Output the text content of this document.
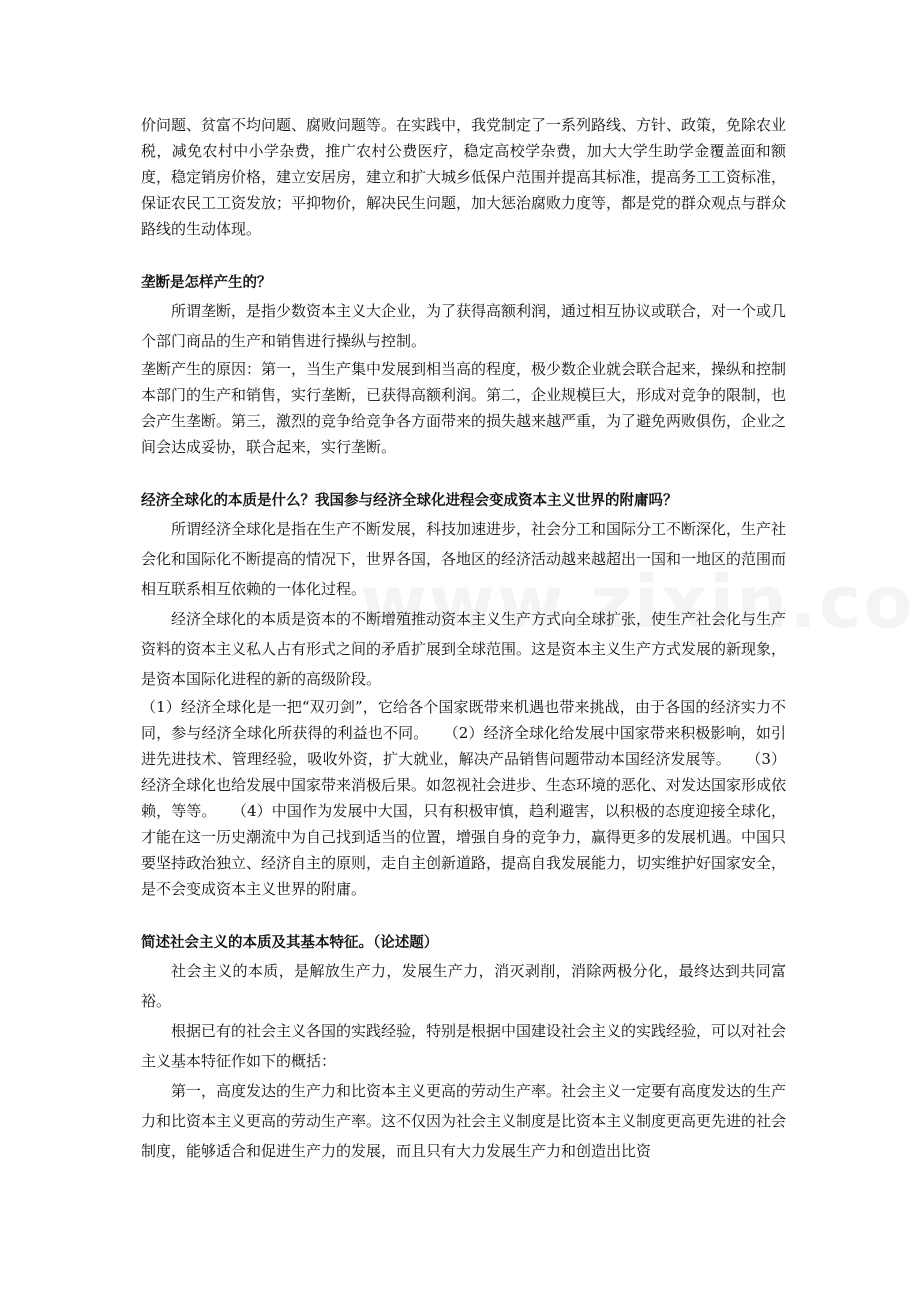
价问题、贫富不均问题、腐败问题等。在实践中，我党制定了一系列路线、方针、政策，免除农业税，减免农村中小学杂费，推广农村公费医疗，稳定高校学杂费，加大大学生助学金覆盖面和额度，稳定销房价格，建立安居房，建立和扩大城乡低保户范围并提高其标准，提高务工工资标准，保证农民工工资发放；平抑物价，解决民生问题，加大惩治腐败力度等，都是党的群众观点与群众路线的生动体现。

垄断是怎样产生的？

所谓垄断，是指少数资本主义大企业，为了获得高额利润，通过相互协议或联合，对一个或几个部门商品的生产和销售进行操纵与控制。

垄断产生的原因：第一，当生产集中发展到相当高的程度，极少数企业就会联合起来，操纵和控制本部门的生产和销售，实行垄断，已获得高额利润。第二，企业规模巨大，形成对竞争的限制，也会产生垄断。第三，激烈的竞争给竞争各方面带来的损失越来越严重，为了避免两败俱伤，企业之间会达成妥协，联合起来，实行垄断。

经济全球化的本质是什么？我国参与经济全球化进程会变成资本主义世界的附庸吗？

所谓经济全球化是指在生产不断发展，科技加速进步，社会分工和国际分工不断深化，生产社会化和国际化不断提高的情况下，世界各国，各地区的经济活动越来越超出一国和一地区的范围而相互联系相互依赖的一体化过程。

经济全球化的本质是资本的不断增殖推动资本主义生产方式向全球扩张，使生产社会化与生产资料的资本主义私人占有形式之间的矛盾扩展到全球范围。这是资本主义生产方式发展的新现象，是资本国际化进程的新的高级阶段。

（1）经济全球化是一把“双刃剑”，它给各个国家既带来机遇也带来挑战，由于各国的经济实力不同，参与经济全球化所获得的利益也不同。　　（2）经济全球化给发展中国家带来积极影响，如引进先进技术、管理经验，吸收外资，扩大就业，解决产品销售问题带动本国经济发展等。　　（3）经济全球化也给发展中国家带来消极后果。如忽视社会进步、生态环境的恶化、对发达国家形成依赖，等等。　　（4）中国作为发展中大国，只有积极审慎，趋利避害，以积极的态度迎接全球化，才能在这一历史潮流中为自己找到适当的位置，增强自身的竞争力，赢得更多的发展机遇。中国只要坚持政治独立、经济自主的原则，走自主创新道路，提高自我发展能力，切实维护好国家安全，是不会变成资本主义世界的附庸。

简述社会主义的本质及其基本特征。（论述题）

社会主义的本质，是解放生产力，发展生产力，消灭剥削，消除两极分化，最终达到共同富裕。

根据已有的社会主义各国的实践经验，特别是根据中国建设社会主义的实践经验，可以对社会主义基本特征作如下的概括：

第一，高度发达的生产力和比资本主义更高的劳动生产率。社会主义一定要有高度发达的生产力和比资本主义更高的劳动生产率。这不仅因为社会主义制度是比资本主义制度更高更先进的社会制度，能够适合和促进生产力的发展，而且只有大力发展生产力和创造出比资
